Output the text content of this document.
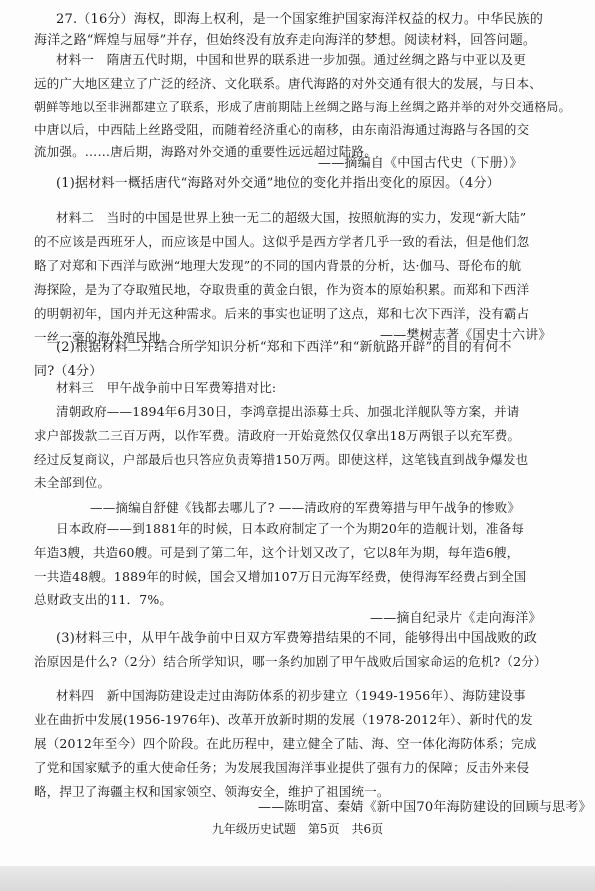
27.（16分）海权，即海上权利，是一个国家维护国家海洋权益的权力。中华民族的
海洋之路“辉煌与屈辱”并存，但始终没有放弃走向海洋的梦想。阅读材料，回答问题。
材料一　隋唐五代时期，中国和世界的联系进一步加强。通过丝绸之路与中亚以及更
远的广大地区建立了广泛的经济、文化联系。唐代海路的对外交通有很大的发展，与日本、
朝鲜等地以至非洲都建立了联系，形成了唐前期陆上丝绸之路与海上丝绸之路并举的对外交通格局。
中唐以后，中西陆上丝路受阻，而随着经济重心的南移，由东南沿海通过海路与各国的交
流加强。……唐后期，海路对外交通的重要性远远超过陆路。
——摘编自《中国古代史（下册）》
(1)据材料一概括唐代“海路对外交通”地位的变化并指出变化的原因。（4分）
材料二　当时的中国是世界上独一无二的超级大国，按照航海的实力，发现“新大陆”
的不应该是西班牙人，而应该是中国人。这似乎是西方学者几乎一致的看法，但是他们忽
略了对郑和下西洋与欧洲“地理大发现”的不同的国内背景的分析，达·伽马、哥伦布的航
海探险，是为了夺取殖民地，夺取贵重的黄金白银，作为资本的原始积累。而郑和下西洋
的明朝初年，国内并无这种需求。后来的事实也证明了这点，郑和七次下西洋，没有霸占
一丝一毫的海外殖民地。	——樊树志著《国史十六讲》
(2)根据材料二并结合所学知识分析“郑和下西洋”和“新航路开辟”的目的有何不
同?（4分）
材料三　甲午战争前中日军费筹措对比:
清朝政府——1894年6月30日，李鸿章提出添募士兵、加强北洋舰队等方案，并请
求户部拨款二三百万两，以作军费。清政府一开始竟然仅仅拿出18万两银子以充军费。
经过反复商议，户部最后也只答应负责筹措150万两。即使这样，这笔钱直到战争爆发也
未全部到位。
——摘编自舒健《钱都去哪儿了? ——清政府的军费筹措与甲午战争的惨败》
日本政府——到1881年的时候，日本政府制定了一个为期20年的造舰计划，准备每
年造3艘，共造60艘。可是到了第二年，这个计划又改了，它以8年为期，每年造6艘，
一共造48艘。1889年的时候，国会又增加107万日元海军经费，使得海军经费占到全国
总财政支出的11．7%。
——摘自纪录片《走向海洋》
(3)材料三中，从甲午战争前中日双方军费筹措结果的不同，能够得出中国战败的政
治原因是什么?（2分）结合所学知识，哪一条约加剧了甲午战败后国家命运的危机?（2分）
材料四　新中国海防建设走过由海防体系的初步建立（1949-1956年）、海防建设事
业在曲折中发展(1956-1976年)、改革开放新时期的发展（1978-2012年）、新时代的发
展（2012年至今）四个阶段。在此历程中，建立健全了陆、海、空一体化海防体系；完成
了党和国家赋予的重大使命任务；为发展我国海洋事业提供了强有力的保障；反击外来侵
略，捍卫了海疆主权和国家领空、领海安全，维护了祖国统一。
——陈明富、秦婧《新中国70年海防建设的回顾与思考》
九年级历史试题　第5页　共6页
